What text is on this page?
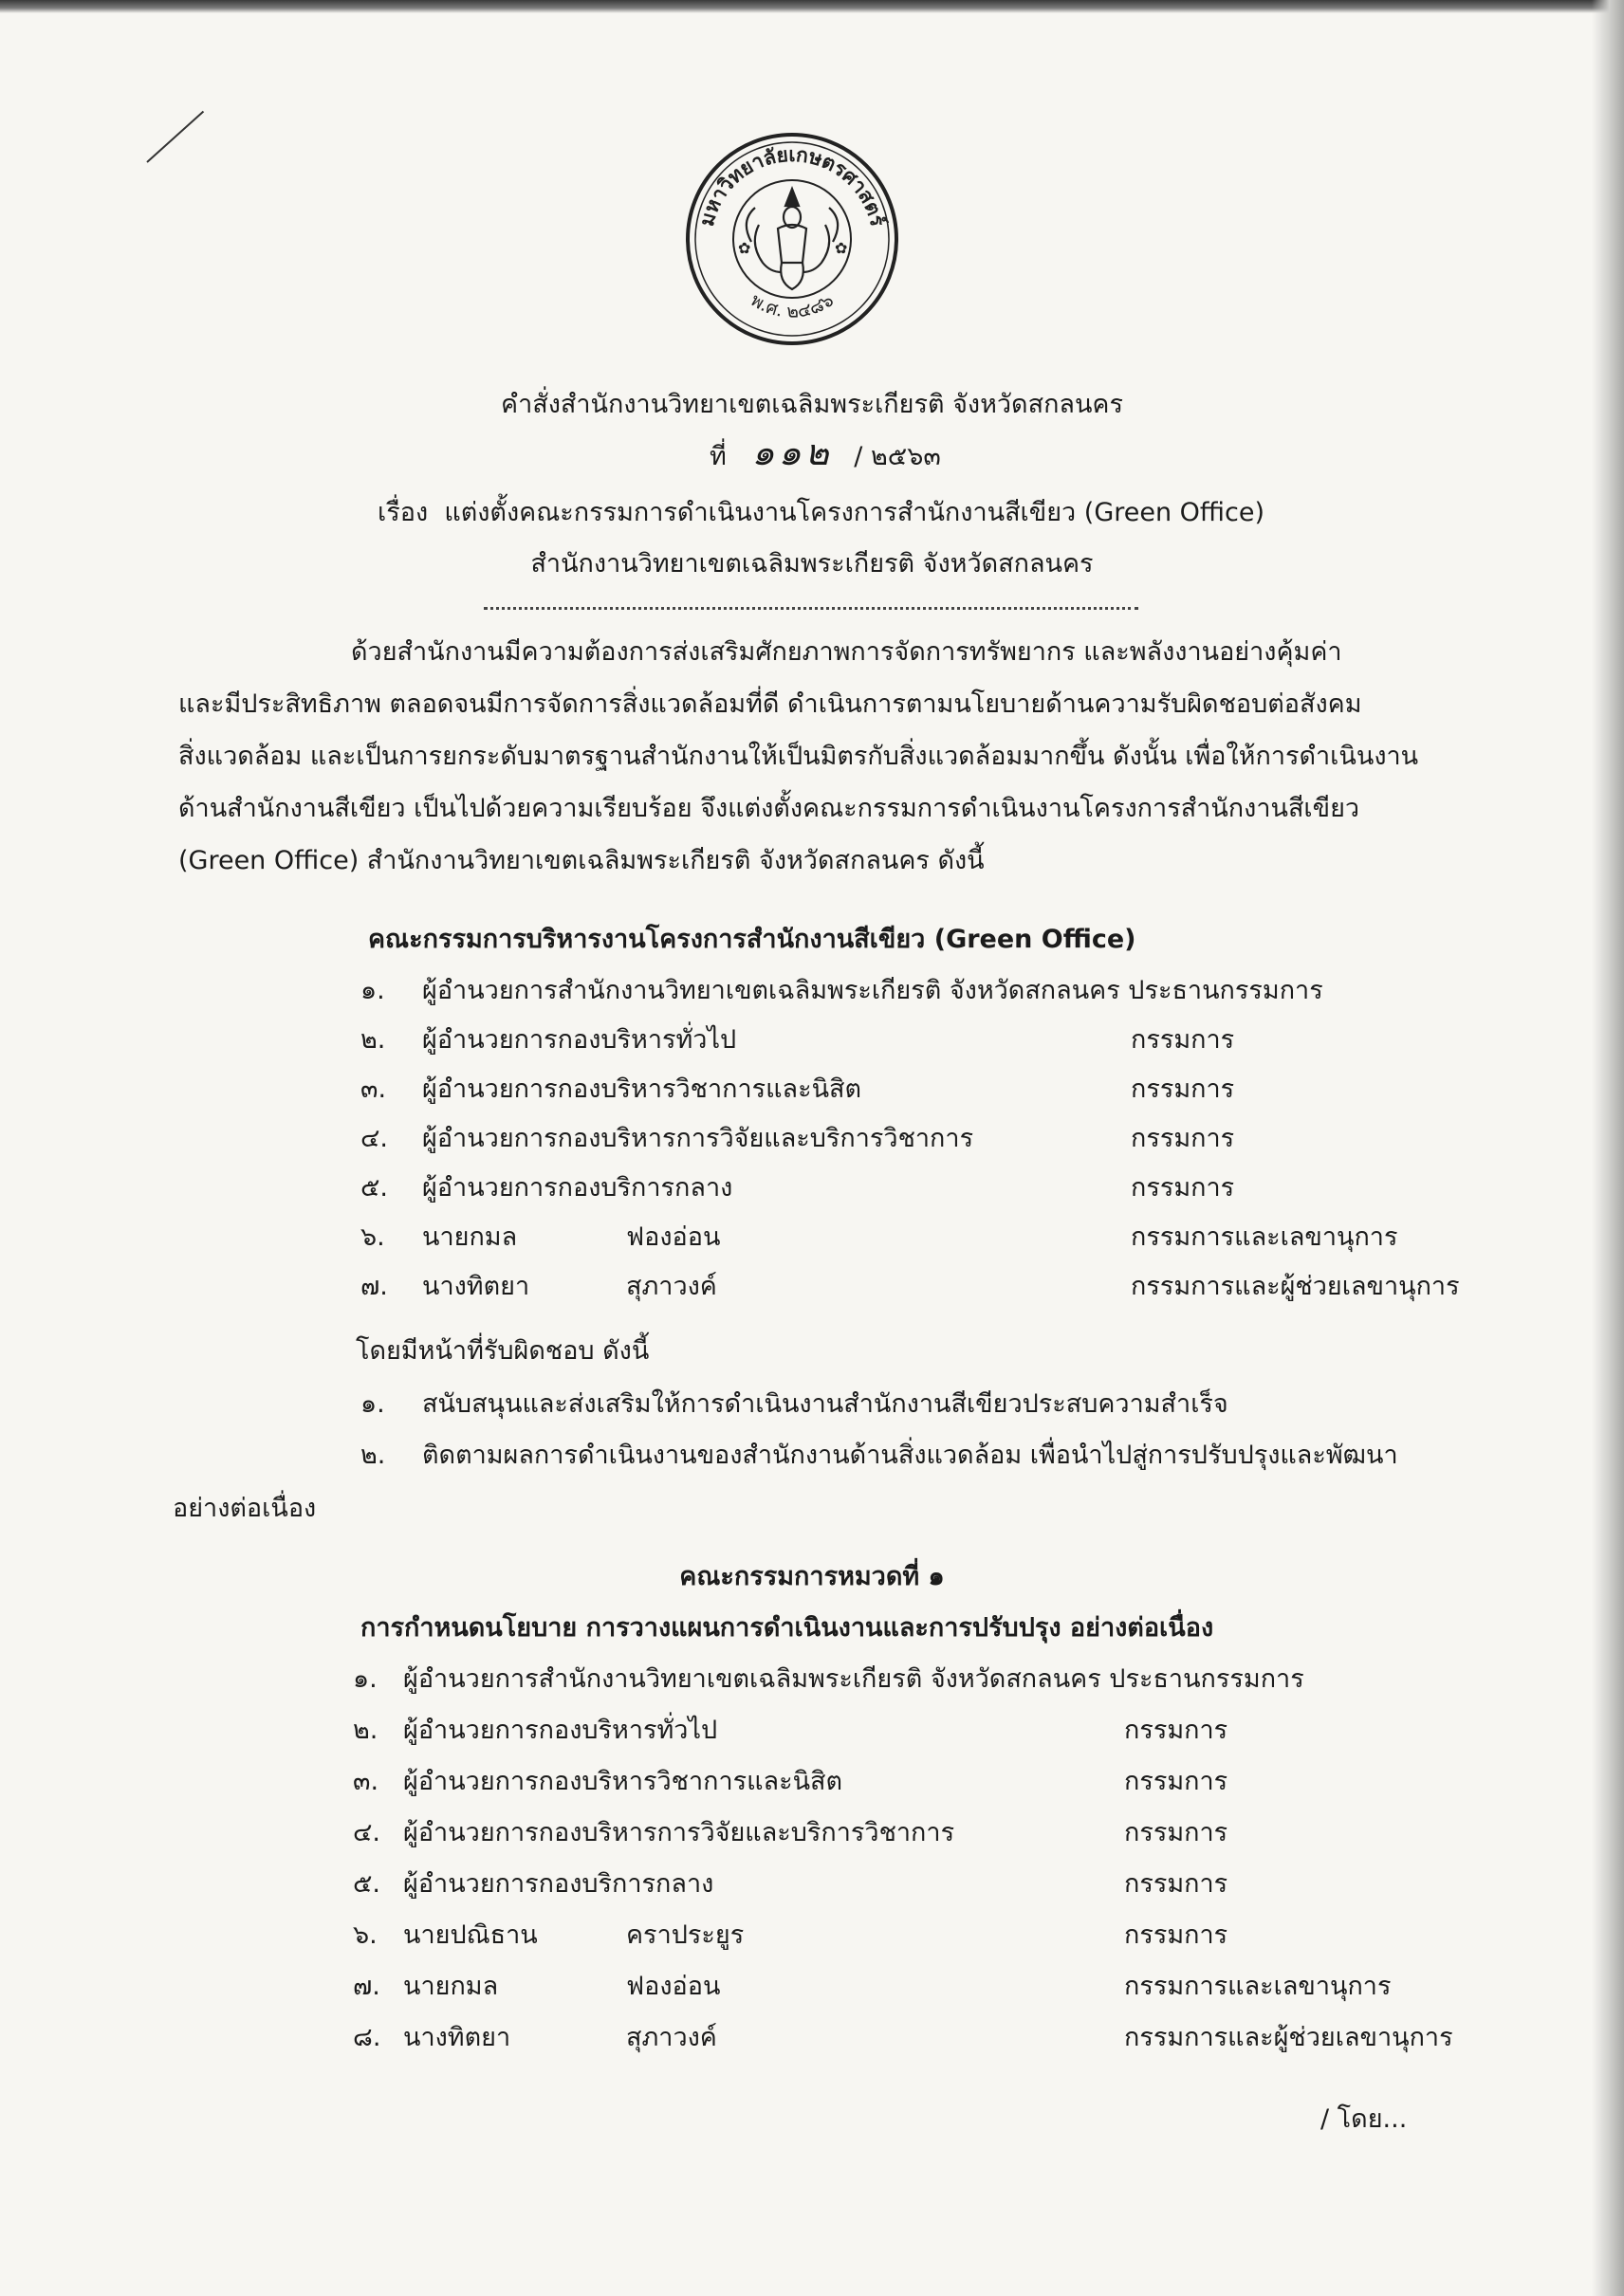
มหาวิทยาลัยเกษตรศาสตร์
พ.ศ. ๒๔๘๖
✿	✿
คำสั่งสำนักงานวิทยาเขตเฉลิมพระเกียรติ จังหวัดสกลนคร
ที่ ๑๑๒ / ๒๕๖๓
เรื่อง แต่งตั้งคณะกรรมการดำเนินงานโครงการสำนักงานสีเขียว (Green Office)
สำนักงานวิทยาเขตเฉลิมพระเกียรติ จังหวัดสกลนคร
ด้วยสำนักงานมีความต้องการส่งเสริมศักยภาพการจัดการทรัพยากร และพลังงานอย่างคุ้มค่า
และมีประสิทธิภาพ ตลอดจนมีการจัดการสิ่งแวดล้อมที่ดี ดำเนินการตามนโยบายด้านความรับผิดชอบต่อสังคม
สิ่งแวดล้อม และเป็นการยกระดับมาตรฐานสำนักงานให้เป็นมิตรกับสิ่งแวดล้อมมากขึ้น ดังนั้น เพื่อให้การดำเนินงาน
ด้านสำนักงานสีเขียว เป็นไปด้วยความเรียบร้อย จึงแต่งตั้งคณะกรรมการดำเนินงานโครงการสำนักงานสีเขียว
(Green Office) สำนักงานวิทยาเขตเฉลิมพระเกียรติ จังหวัดสกลนคร ดังนี้
คณะกรรมการบริหารงานโครงการสำนักงานสีเขียว (Green Office)
๑. ผู้อำนวยการสำนักงานวิทยาเขตเฉลิมพระเกียรติ จังหวัดสกลนคร ประธานกรรมการ
๒. ผู้อำนวยการกองบริหารทั่วไป	กรรมการ
๓. ผู้อำนวยการกองบริหารวิชาการและนิสิต	กรรมการ
๔. ผู้อำนวยการกองบริหารการวิจัยและบริการวิชาการ	กรรมการ
๕. ผู้อำนวยการกองบริการกลาง	กรรมการ
๖. นายกมล	ฟองอ่อน	กรรมการและเลขานุการ
๗. นางทิตยา	สุภาวงค์	กรรมการและผู้ช่วยเลขานุการ
โดยมีหน้าที่รับผิดชอบ ดังนี้
๑. สนับสนุนและส่งเสริมให้การดำเนินงานสำนักงานสีเขียวประสบความสำเร็จ
๒. ติดตามผลการดำเนินงานของสำนักงานด้านสิ่งแวดล้อม เพื่อนำไปสู่การปรับปรุงและพัฒนา
อย่างต่อเนื่อง
คณะกรรมการหมวดที่ ๑
การกำหนดนโยบาย การวางแผนการดำเนินงานและการปรับปรุง อย่างต่อเนื่อง
๑. ผู้อำนวยการสำนักงานวิทยาเขตเฉลิมพระเกียรติ จังหวัดสกลนคร ประธานกรรมการ
๒. ผู้อำนวยการกองบริหารทั่วไป	กรรมการ
๓. ผู้อำนวยการกองบริหารวิชาการและนิสิต	กรรมการ
๔. ผู้อำนวยการกองบริหารการวิจัยและบริการวิชาการ	กรรมการ
๕. ผู้อำนวยการกองบริการกลาง	กรรมการ
๖. นายปณิธาน	คราประยูร	กรรมการ
๗. นายกมล	ฟองอ่อน	กรรมการและเลขานุการ
๘. นางทิตยา	สุภาวงค์	กรรมการและผู้ช่วยเลขานุการ
/ โดย...
